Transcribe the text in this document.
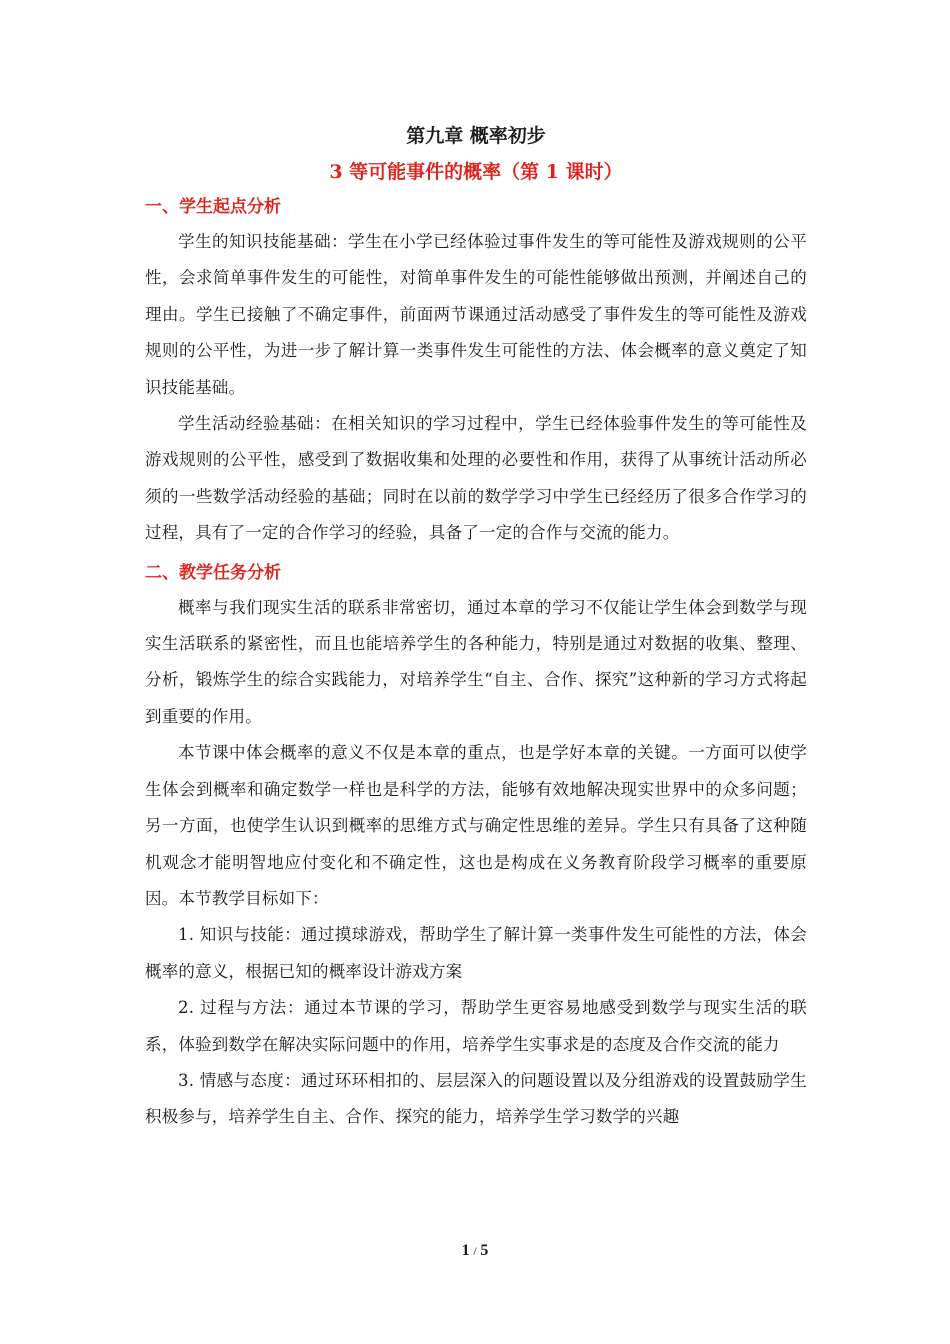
第九章 概率初步
3 等可能事件的概率（第 1 课时）
一、学生起点分析

学生的知识技能基础：学生在小学已经体验过事件发生的等可能性及游戏规则的公平性，会求简单事件发生的可能性，对简单事件发生的可能性能够做出预测，并阐述自己的理由。学生已接触了不确定事件，前面两节课通过活动感受了事件发生的等可能性及游戏规则的公平性，为进一步了解计算一类事件发生可能性的方法、体会概率的意义奠定了知识技能基础。

学生活动经验基础：在相关知识的学习过程中，学生已经体验事件发生的等可能性及游戏规则的公平性，感受到了数据收集和处理的必要性和作用，获得了从事统计活动所必须的一些数学活动经验的基础；同时在以前的数学学习中学生已经经历了很多合作学习的过程，具有了一定的合作学习的经验，具备了一定的合作与交流的能力。

二、教学任务分析

概率与我们现实生活的联系非常密切，通过本章的学习不仅能让学生体会到数学与现实生活联系的紧密性，而且也能培养学生的各种能力，特别是通过对数据的收集、整理、分析，锻炼学生的综合实践能力，对培养学生“自主、合作、探究”这种新的学习方式将起到重要的作用。

本节课中体会概率的意义不仅是本章的重点，也是学好本章的关键。一方面可以使学生体会到概率和确定数学一样也是科学的方法，能够有效地解决现实世界中的众多问题；另一方面，也使学生认识到概率的思维方式与确定性思维的差异。学生只有具备了这种随机观念才能明智地应付变化和不确定性，这也是构成在义务教育阶段学习概率的重要原因。本节教学目标如下：

1. 知识与技能：通过摸球游戏，帮助学生了解计算一类事件发生可能性的方法，体会概率的意义，根据已知的概率设计游戏方案

2. 过程与方法：通过本节课的学习，帮助学生更容易地感受到数学与现实生活的联系，体验到数学在解决实际问题中的作用，培养学生实事求是的态度及合作交流的能力

3. 情感与态度：通过环环相扣的、层层深入的问题设置以及分组游戏的设置鼓励学生积极参与，培养学生自主、合作、探究的能力，培养学生学习数学的兴趣

1 / 5
